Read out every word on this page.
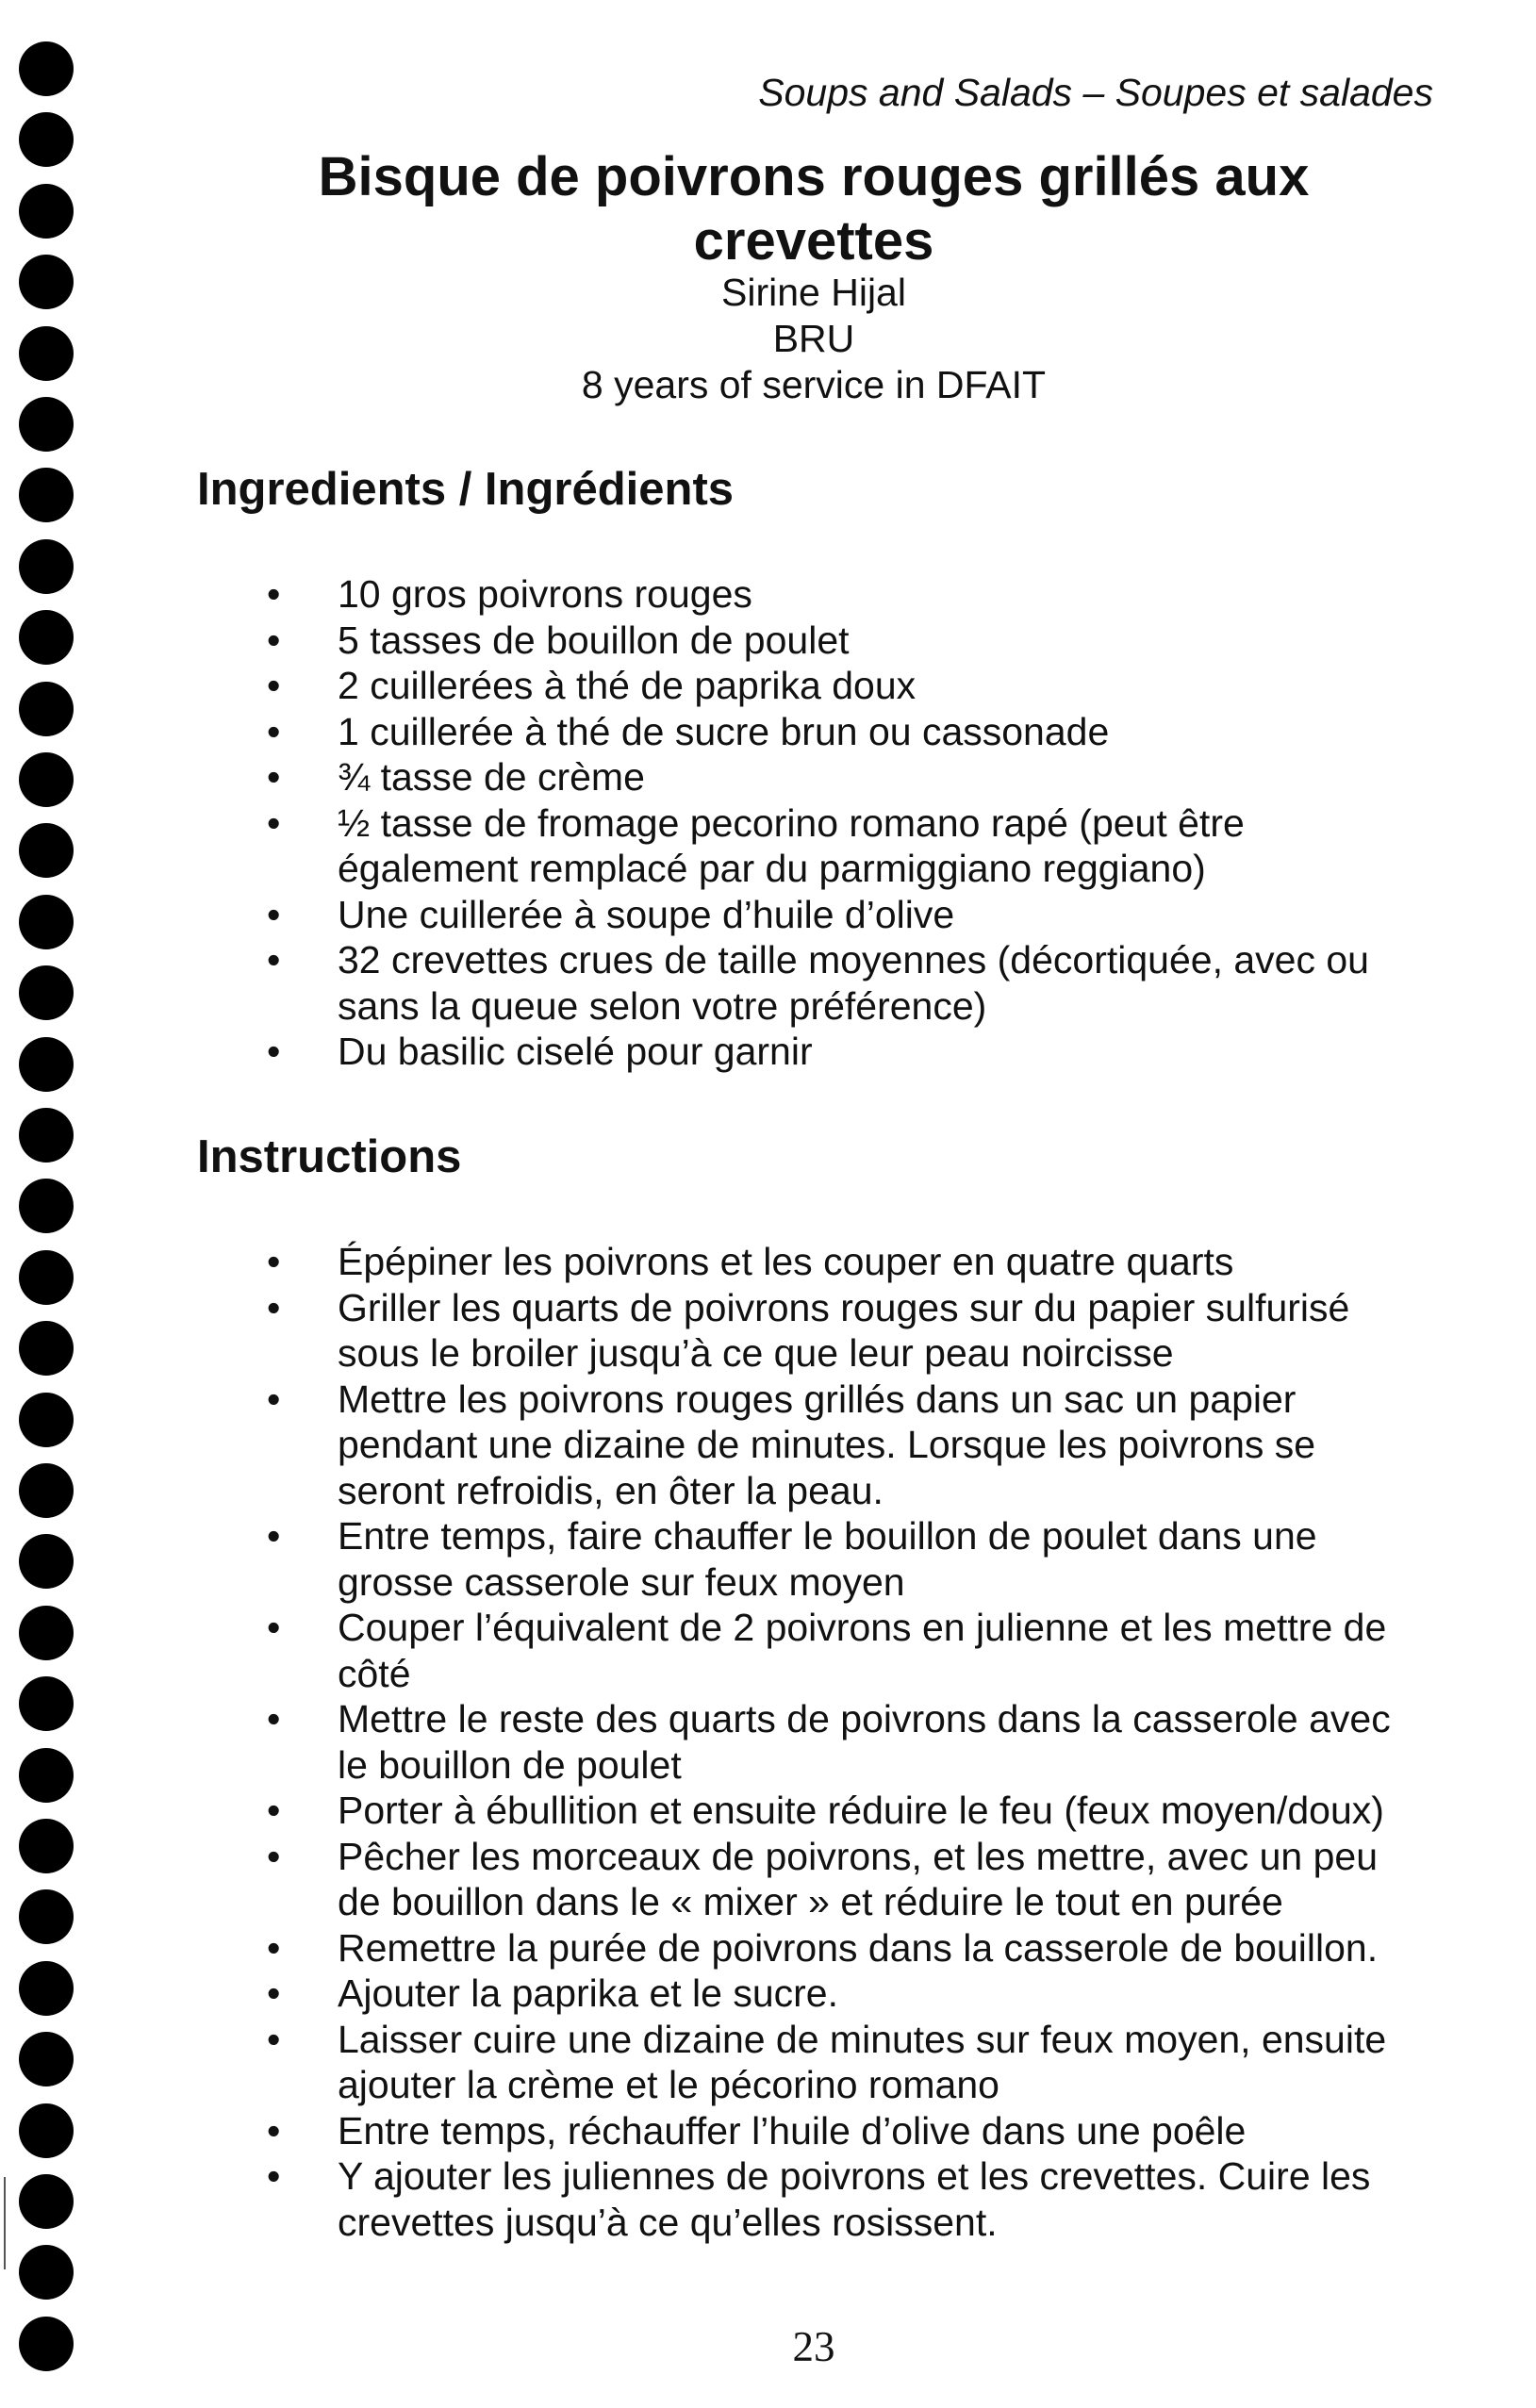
Soups and Salads – Soupes et salades
Bisque de poivrons rouges grillés aux crevettes
Sirine Hijal
BRU
8 years of service in DFAIT
Ingredients / Ingrédients
• 10 gros poivrons rouges
• 5 tasses de bouillon de poulet
• 2 cuillerées à thé de paprika doux
• 1 cuillerée à thé de sucre brun ou cassonade
• ¾ tasse de crème
• ½ tasse de fromage pecorino romano rapé (peut être également remplacé par du parmiggiano reggiano)
• Une cuillerée à soupe d’huile d’olive
• 32 crevettes crues de taille moyennes (décortiquée, avec ou sans la queue selon votre préférence)
• Du basilic ciselé pour garnir
Instructions
• Épépiner les poivrons et les couper en quatre quarts
• Griller les quarts de poivrons rouges sur du papier sulfurisé sous le broiler jusqu’à ce que leur peau noircisse
• Mettre les poivrons rouges grillés dans un sac un papier pendant une dizaine de minutes. Lorsque les poivrons se seront refroidis, en ôter la peau.
• Entre temps, faire chauffer le bouillon de poulet dans une grosse casserole sur feux moyen
• Couper l’équivalent de 2 poivrons en julienne et les mettre de côté
• Mettre le reste des quarts de poivrons dans la casserole avec le bouillon de poulet
• Porter à ébullition et ensuite réduire le feu (feux moyen/doux)
• Pêcher les morceaux de poivrons, et les mettre, avec un peu de bouillon dans le « mixer » et réduire le tout en purée
• Remettre la purée de poivrons dans la casserole de bouillon.
• Ajouter la paprika et le sucre.
• Laisser cuire une dizaine de minutes sur feux moyen, ensuite ajouter la crème et le pécorino romano
• Entre temps, réchauffer l’huile d’olive dans une poêle
• Y ajouter les juliennes de poivrons et les crevettes. Cuire les crevettes jusqu’à ce qu’elles rosissent.
23
